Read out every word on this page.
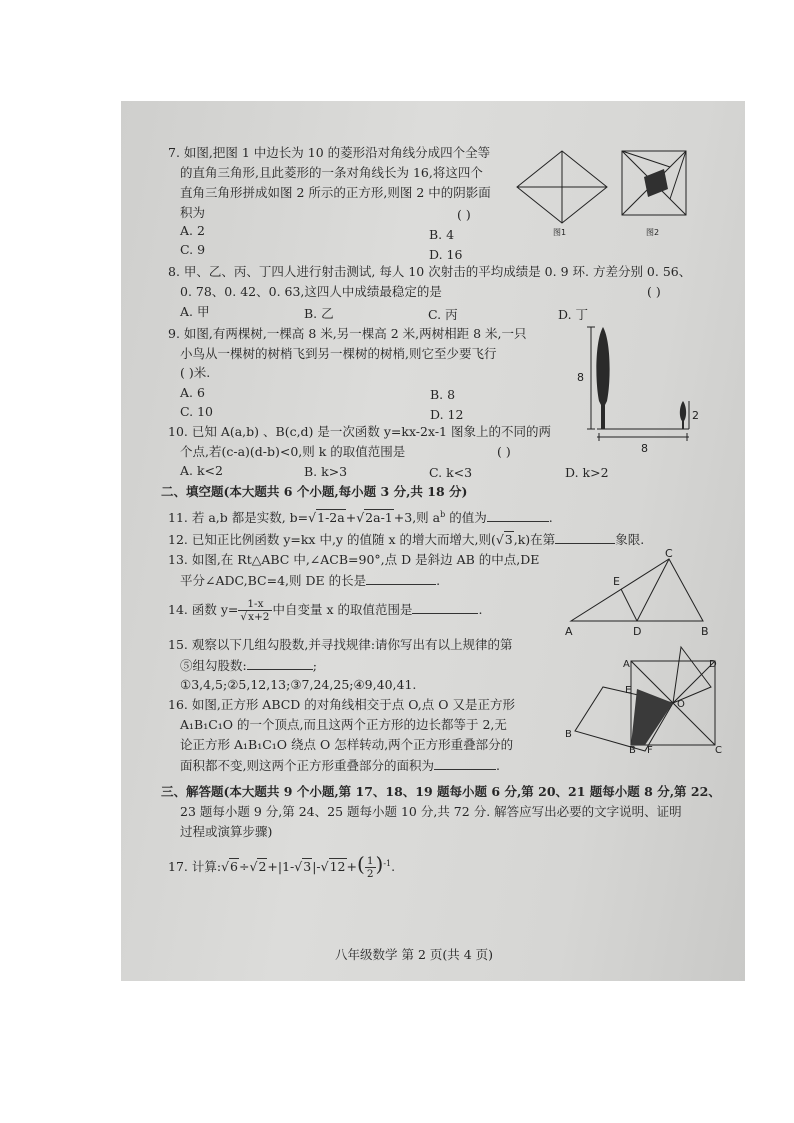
7. 如图,把图 1 中边长为 10 的菱形沿对角线分成四个全等
的直角三角形,且此菱形的一条对角线长为 16,将这四个
直角三角形拼成如图 2 所示的正方形,则图 2 中的阴影面
积为	( )
A. 2	B. 4
C. 9	D. 16
图1	图2
8. 甲、乙、丙、丁四人进行射击测试, 每人 10 次射击的平均成绩是 0. 9 环. 方差分别 0. 56、
0. 78、0. 42、0. 63,这四人中成绩最稳定的是	( )
A. 甲	B. 乙	C. 丙	D. 丁
9. 如图,有两棵树,一棵高 8 米,另一棵高 2 米,两树相距 8 米,一只
小鸟从一棵树的树梢飞到另一棵树的树梢,则它至少要飞行
( )米.
A. 6	B. 8
C. 10	D. 12
8
2
8
10. 已知 A(a,b) 、B(c,d) 是一次函数 y=kx-2x-1 图象上的不同的两
个点,若(c-a)(d-b)<0,则 k 的取值范围是	( )
A. k<2	B. k>3	C. k<3	D. k>2
二、填空题(本大题共 6 个小题,每小题 3 分,共 18 分)
11. 若 a,b 都是实数, b=√1-2a+√2a-1+3,则 $a^b$ 的值为	.
12. 已知正比例函数 y=kx 中,y 的值随 x 的增大而增大,则(√3,k)在第	象限.
13. 如图,在 Rt△ABC 中,∠ACB=90°,点 D 是斜边 AB 的中点,DE
平分∠ADC,BC=4,则 DE 的长是	.
C
E
A	D	B
14. 函数 $y= \frac{1-x}{√x+2}$ 中自变量 x 的取值范围是	.
15. 观察以下几组勾股数,并寻找规律:请你写出有以上规律的第
⑤组勾股数:	;
①3,4,5;②5,12,13;③7,24,25;④9,40,41.
16. 如图,正方形 ABCD 的对角线相交于点 O,点 O 又是正方形
A₁B₁C₁O 的一个顶点,而且这两个正方形的边长都等于 2,无
论正方形 A₁B₁C₁O 绕点 O 怎样转动,两个正方形重叠部分的
面积都不变,则这两个正方形重叠部分的面积为	.
A	D
E
O
B
B F	C
三、解答题(本大题共 9 个小题,第 17、18、19 题每小题 6 分,第 20、21 题每小题 8 分,第 22、
23 题每小题 9 分,第 24、25 题每小题 10 分,共 72 分. 解答应写出必要的文字说明、证明
过程或演算步骤)
17. 计算:√6÷√2+|1-√3|-√12+( $\frac{1}{2} )^{-1}$.
八年级数学 第 2 页(共 4 页)
